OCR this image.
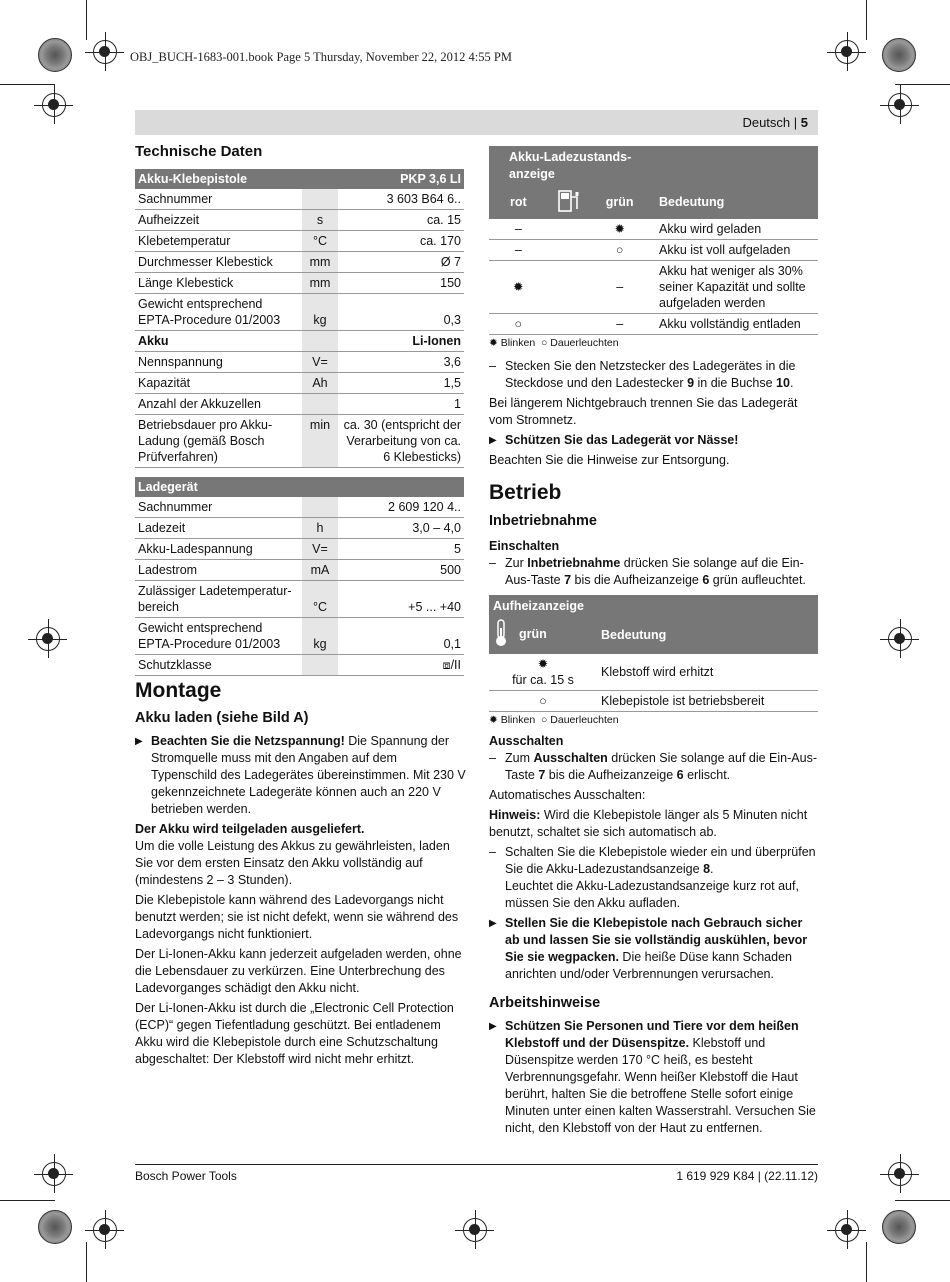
OBJ_BUCH-1683-001.book Page 5 Thursday, November 22, 2012 4:55 PM
Deutsch | 5
Technische Daten
Akku-Klebepistole		PKP 3,6 LI
Sachnummer		3 603 B64 6..
Aufheizzeit	s	ca. 15
Klebetemperatur	°C	ca. 170
Durchmesser Klebestick	mm	Ø 7
Länge Klebestick	mm	150
Gewicht entsprechend EPTA-Procedure 01/2003	kg	0,3
Akku		Li-Ionen
Nennspannung	V=	3,6
Kapazität	Ah	1,5
Anzahl der Akkuzellen		1
Betriebsdauer pro Akku-Ladung (gemäß Bosch Prüfverfahren)	min	ca. 30 (entspricht der Verarbeitung von ca. 6 Klebesticks)
Ladegerät		
Sachnummer		2 609 120 4..
Ladezeit	h	3,0 – 4,0
Akku-Ladespannung	V=	5
Ladestrom	mA	500
Zulässiger Ladetemperatur-bereich	°C	+5 ... +40
Gewicht entsprechend EPTA-Procedure 01/2003	kg	0,1
Schutzklasse		⧈/II
Montage
Akku laden (siehe Bild A)
▶ Beachten Sie die Netzspannung! Die Spannung der Stromquelle muss mit den Angaben auf dem Typenschild des Ladegerätes übereinstimmen. Mit 230 V gekennzeichnete Ladegeräte können auch an 220 V betrieben werden.
Der Akku wird teilgeladen ausgeliefert.
Um die volle Leistung des Akkus zu gewährleisten, laden Sie vor dem ersten Einsatz den Akku vollständig auf (mindestens 2 – 3 Stunden).
Die Klebepistole kann während des Ladevorgangs nicht benutzt werden; sie ist nicht defekt, wenn sie während des Ladevorgangs nicht funktioniert.
Der Li-Ionen-Akku kann jederzeit aufgeladen werden, ohne die Lebensdauer zu verkürzen. Eine Unterbrechung des Ladevorganges schädigt den Akku nicht.
Der Li-Ionen-Akku ist durch die „Electronic Cell Protection (ECP)“ gegen Tiefentladung geschützt. Bei entladenem Akku wird die Klebepistole durch eine Schutzschaltung abgeschaltet: Der Klebstoff wird nicht mehr erhitzt.
Akku-Ladezustands-anzeige			
rot		grün	Bedeutung
–		✹	Akku wird geladen
–		○	Akku ist voll aufgeladen
✹		–	Akku hat weniger als 30% seiner Kapazität und sollte aufgeladen werden
○		–	Akku vollständig entladen
✹ Blinken ○ Dauerleuchten
– Stecken Sie den Netzstecker des Ladegerätes in die Steckdose und den Ladestecker 9 in die Buchse 10.
Bei längerem Nichtgebrauch trennen Sie das Ladegerät vom Stromnetz.
▶ Schützen Sie das Ladegerät vor Nässe!
Beachten Sie die Hinweise zur Entsorgung.
Betrieb
Inbetriebnahme
Einschalten
– Zur Inbetriebnahme drücken Sie solange auf die Ein-Aus-Taste 7 bis die Aufheizanzeige 6 grün aufleuchtet.
Aufheizanzeige	
grün	Bedeutung
✹
für ca. 15 s	Klebstoff wird erhitzt
○	Klebepistole ist betriebsbereit
✹ Blinken ○ Dauerleuchten
Ausschalten
– Zum Ausschalten drücken Sie solange auf die Ein-Aus-Taste 7 bis die Aufheizanzeige 6 erlischt.
Automatisches Ausschalten:
Hinweis: Wird die Klebepistole länger als 5 Minuten nicht benutzt, schaltet sie sich automatisch ab.
– Schalten Sie die Klebepistole wieder ein und überprüfen Sie die Akku-Ladezustandsanzeige 8.
Leuchtet die Akku-Ladezustandsanzeige kurz rot auf, müssen Sie den Akku aufladen.
▶ Stellen Sie die Klebepistole nach Gebrauch sicher ab und lassen Sie sie vollständig auskühlen, bevor Sie sie wegpacken. Die heiße Düse kann Schaden anrichten und/oder Verbrennungen verursachen.
Arbeitshinweise
▶ Schützen Sie Personen und Tiere vor dem heißen Klebstoff und der Düsenspitze. Klebstoff und Düsenspitze werden 170 °C heiß, es besteht Verbrennungsgefahr. Wenn heißer Klebstoff die Haut berührt, halten Sie die betroffene Stelle sofort einige Minuten unter einen kalten Wasserstrahl. Versuchen Sie nicht, den Klebstoff von der Haut zu entfernen.
Bosch Power Tools	1 619 929 K84 | (22.11.12)
